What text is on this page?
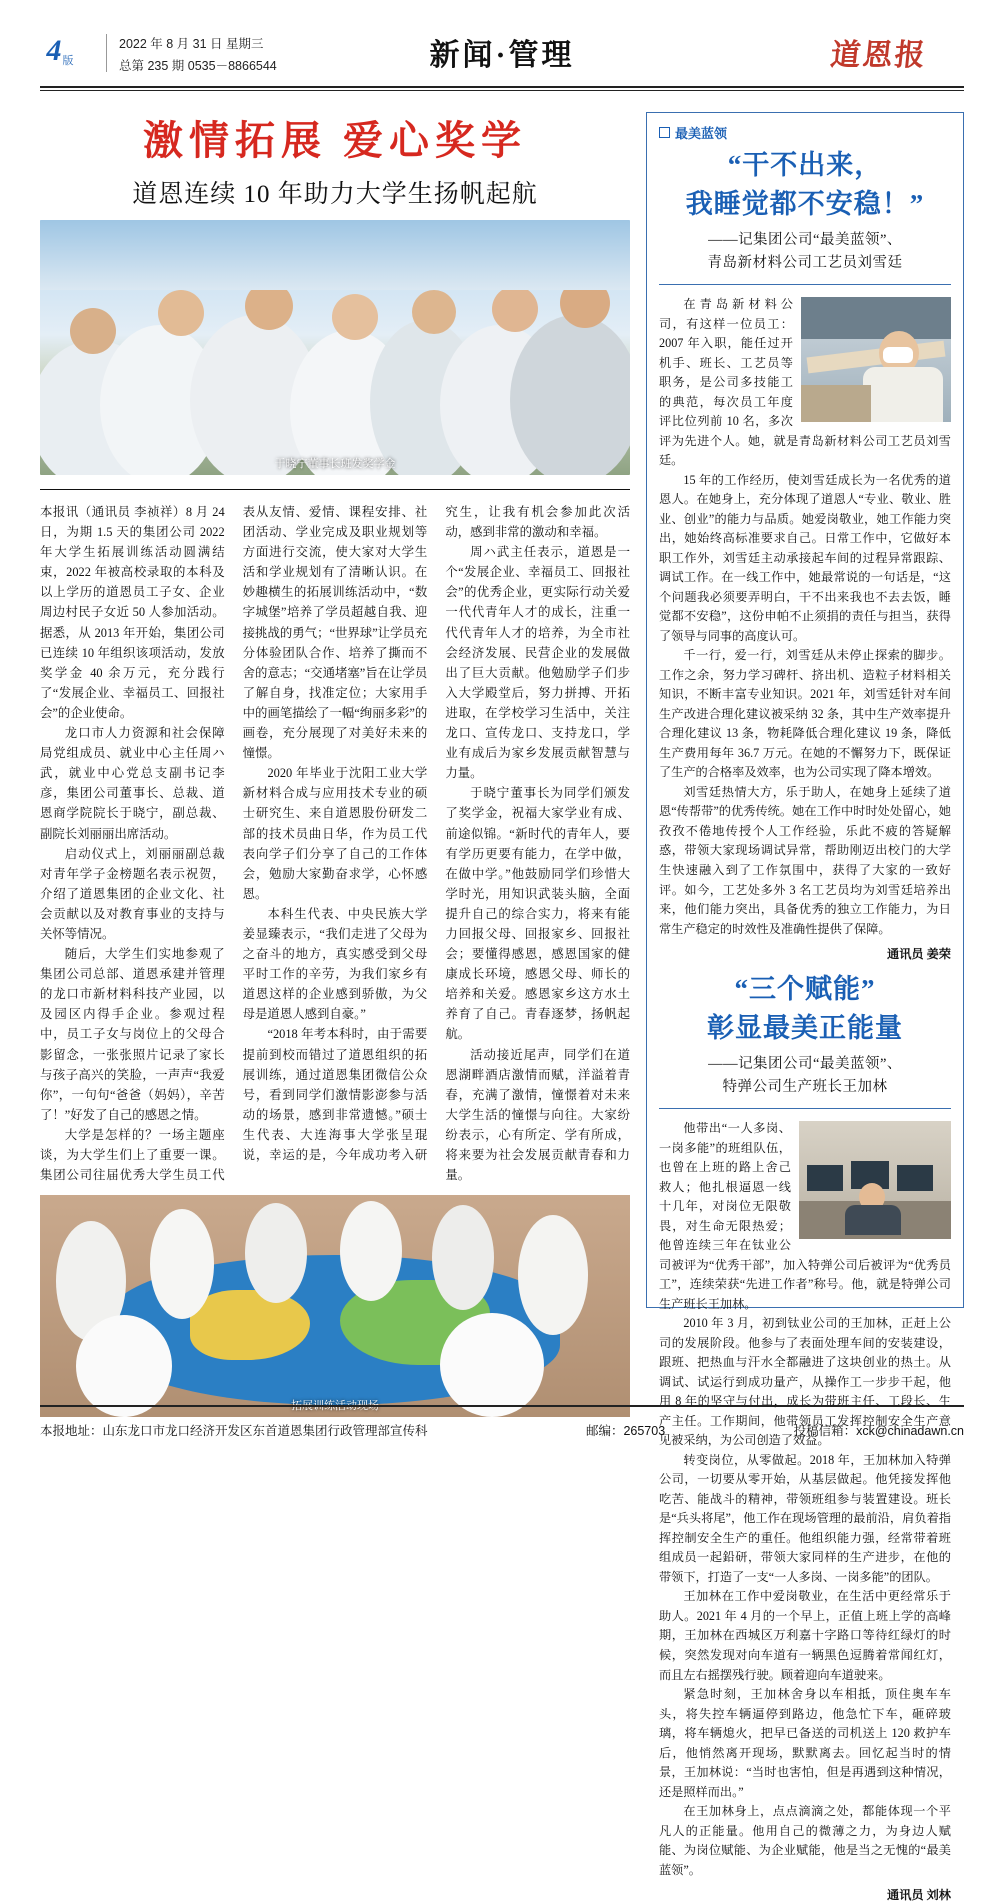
4 版
2022 年 8 月 31 日 星期三
总第 235 期 0535－8866544	新闻·管理	道恩报
激情拓展 爱心奖学
道恩连续 10 年助力大学生扬帆起航
于晓宁董事长班发奖学金

本报讯（通讯员 李祯祥）8 月 24 日，为期 1.5 天的集团公司 2022 年大学生拓展训练活动圆满结束，2022 年被高校录取的本科及以上学历的道恩员工子女、企业周边村民子女近 50 人参加活动。据悉，从 2013 年开始，集团公司已连续 10 年组织该项活动，发放奖学金 40 余万元，充分践行了“发展企业、幸福员工、回报社会”的企业使命。

龙口市人力资源和社会保障局党组成员、就业中心主任周ハ武，就业中心党总支副书记李彦，集团公司董事长、总裁、道恩商学院院长于晓宁，副总裁、副院长刘丽丽出席活动。

启动仪式上，刘丽丽副总裁对青年学子金榜题名表示祝贺，介绍了道恩集团的企业文化、社会贡献以及对教育事业的支持与关怀等情况。

随后，大学生们实地参观了集团公司总部、道恩承建并管理的龙口市新材料科技产业园，以及园区内得手企业。参观过程中，员工子女与岗位上的父母合影留念，一张张照片记录了家长与孩子高兴的笑脸，一声声“我爱你”，一句句“爸爸（妈妈），辛苦了！”好发了自己的感恩之情。

大学是怎样的？一场主题座谈，为大学生们上了重要一课。集团公司往届优秀大学生员工代表从友情、爱情、课程安排、社团活动、学业完成及职业规划等方面进行交流，使大家对大学生活和学业规划有了清晰认识。在妙趣横生的拓展训练活动中，“数字城堡”培养了学员超越自我、迎接挑战的勇气；“世界球”让学员充分体验团队合作、培养了撕而不舍的意志；“交通堵塞”旨在让学员了解自身，找准定位；大家用手中的画笔描绘了一幅“绚丽多彩”的画卷，充分展现了对美好未来的憧憬。

2020 年毕业于沈阳工业大学新材料合成与应用技术专业的硕士研究生、来自道恩股份研发二部的技术员曲日华，作为员工代表向学子们分享了自己的工作体会，勉励大家勤奋求学，心怀感恩。

本科生代表、中央民族大学姜显臻表示，“我们走进了父母为之奋斗的地方，真实感受到父母平时工作的辛劳，为我们家乡有道恩这样的企业感到骄傲，为父母是道恩人感到自豪。”

“2018 年考本科时，由于需要提前到校而错过了道恩组织的拓展训练，通过道恩集团微信公众号，看到同学们激情影澎参与活动的场景，感到非常遗憾。”硕士生代表、大连海事大学张呈琨说，幸运的是，今年成功考入研究生，让我有机会参加此次活动，感到非常的激动和幸福。

周ハ武主任表示，道恩是一个“发展企业、幸福员工、回报社会”的优秀企业，更实际行动关爱一代代青年人才的成长，注重一代代青年人才的培养，为全市社会经济发展、民营企业的发展做出了巨大贡献。他勉励学子们步入大学殿堂后，努力拼搏、开拓进取，在学校学习生活中，关注龙口、宣传龙口、支持龙口，学业有成后为家乡发展贡献智慧与力量。

于晓宁董事长为同学们颁发了奖学金，祝福大家学业有成、前途似锦。“新时代的青年人，要有学历更要有能力，在学中做，在做中学。”他鼓励同学们珍惜大学时光，用知识武装头脑，全面提升自己的综合实力，将来有能力回报父母、回报家乡、回报社会；要懂得感恩，感恩国家的健康成长环境，感恩父母、师长的培养和关爱。感恩家乡这方水土养育了自己。青春逐梦，扬帆起航。

活动接近尾声，同学们在道恩湖畔酒店激情而赋，洋溢着青春，充满了激情，憧憬着对未来大学生活的憧憬与向往。大家纷纷表示，心有所定、学有所成，将来要为社会发展贡献青春和力量。

拓展训练活动现场
最美蓝领
“干不出来，
我睡觉都不安稳！”
——记集团公司“最美蓝领”、
青岛新材料公司工艺员刘雪廷

在青岛新材料公司，有这样一位员工：2007 年入职，能任过开机手、班长、工艺员等职务，是公司多技能工的典范，每次员工年度评比位列前 10 名，多次评为先进个人。她，就是青岛新材料公司工艺员刘雪廷。

15 年的工作经历，使刘雪廷成长为一名优秀的道恩人。在她身上，充分体现了道恩人“专业、敬业、胜业、创业”的能力与品质。她爱岗敬业，她工作能力突出，她始终高标准要求自己。日常工作中，它做好本职工作外，刘雪廷主动承接起车间的过程异常跟踪、调试工作。在一线工作中，她最常说的一句话是，“这个问题我必须要弄明白，干不出来我也不去去饭，睡觉都不安稳”，这份申帕不止须捐的责任与担当，获得了领导与同事的高度认可。

千一行，爱一行，刘雪廷从未停止探索的脚步。工作之余，努力学习碑杆、挤出机、造粒子材料相关知识，不断丰富专业知识。2021 年，刘雪廷针对车间生产改进合理化建议被采纳 32 条，其中生产效率提升合理化建议 13 条，物耗降低合理化建议 19 条，降低生产费用每年 36.7 万元。在她的不懈努力下，既保证了生产的合格率及效率，也为公司实现了降本增效。

刘雪廷热情大方，乐于助人，在她身上延续了道恩“传帮带”的优秀传统。她在工作中时时处处留心，她孜孜不倦地传授个人工作经验，乐此不疲的答疑解惑，带领大家现场调试异常，帮助刚迈出校门的大学生快速融入到了工作氛围中，获得了大家的一致好评。如今，工艺处多外 3 名工艺员均为刘雪廷培养出来，他们能力突出，具备优秀的独立工作能力，为日常生产稳定的时效性及准确性提供了保障。

通讯员 姜荣
“三个赋能”
彰显最美正能量
——记集团公司“最美蓝领”、
特弹公司生产班长王加林

他带出“一人多岗、一岗多能”的班组队伍，也曾在上班的路上舍己救人；他扎根逼恩一线十几年，对岗位无限敬畏，对生命无限热爱；他曾连续三年在钛业公司被评为“优秀干部”，加入特弹公司后被评为“优秀员工”，连续荣获“先进工作者”称号。他，就是特弹公司生产班长王加林。

2010 年 3 月，初到钛业公司的王加林，正赶上公司的发展阶段。他参与了表面处理车间的安装建设，跟班、把热血与汗水全都融进了这块创业的热土。从调试、试运行到成功量产，从操作工一步步干起，他用 8 年的坚守与付出，成长为带班主任、工段长、生产主任。工作期间，他带领员工发挥控制安全生产意见被采纳，为公司创造了效益。

转变岗位，从零做起。2018 年，王加林加入特弹公司，一切要从零开始，从基层做起。他凭接发挥他吃苦、能战斗的精神，带领班组参与装置建设。班长是“兵头将尾”，他工作在现场管理的最前沿，肩负着指挥控制安全生产的重任。他组织能力强，经常带着班组成员一起鉛研，带领大家同样的生产进步，在他的带领下，打造了一支“一人多岗、一岗多能”的团队。

王加林在工作中爱岗敬业，在生活中更经常乐于助人。2021 年 4 月的一个早上，正值上班上学的高峰期，王加林在西城区万利嘉十字路口等待红绿灯的时候，突然发现对向车道有一辆黑色逗腾着常闻红灯，而且左右摇摆残行驶。顾着迎向车道驶来。

紧急时刻，王加林舍身以车相抵，顶住奥车车头，将失控车辆逼停到路边，他急忙下车，砸碎玻璃，将车辆熄火，把早已备送的司机送上 120 救护车后，他悄然离开现场，默默离去。回忆起当时的情景，王加林说：“当时也害怕，但是再遇到这种情况，还是照样而出。”

在王加林身上，点点滴滴之处，都能体现一个平凡人的正能量。他用自己的微薄之力，为身边人赋能、为岗位赋能、为企业赋能，他是当之无愧的“最美蓝领”。

通讯员 刘林
本报地址：山东龙口市龙口经济开发区东首道恩集团行政管理部宣传科	邮编：265703	投稿信箱：xck@chinadawn.cn
